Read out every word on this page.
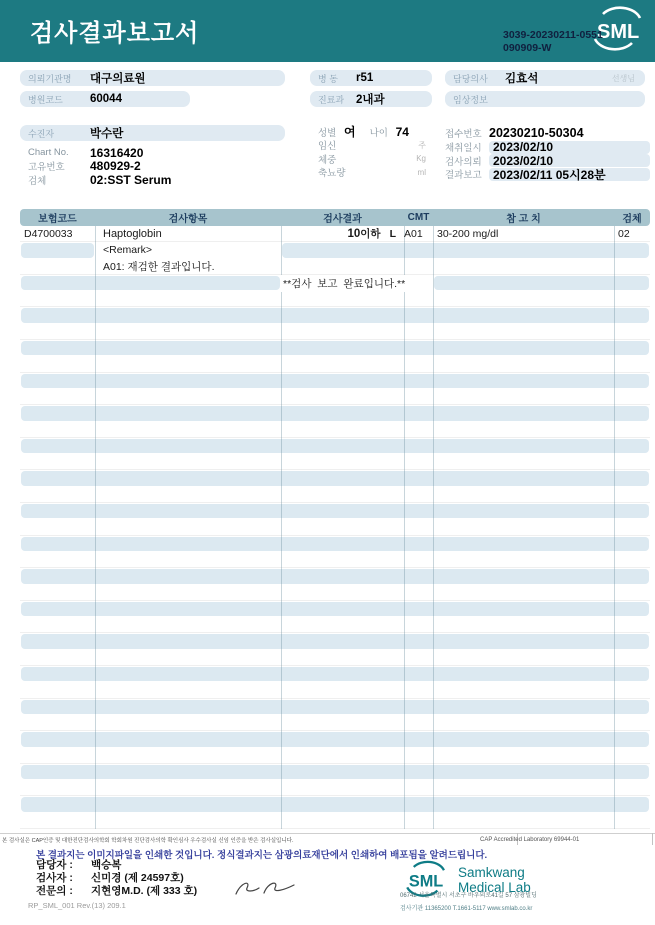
검사결과보고서	SML
3039-20230211-0551
090909-W
의뢰기관명	대구의료원
병원코드	60044
수진자	박수란
Chart No.	16316420
고유번호	480929-2
검체	02:SST Serum
병 동	r51
진료과	2내과
성별 여	나이 74
임신	주
체중	Kg
축뇨량	ml
담당의사	김효석	선생님
임상정보
접수번호 20230210-50304
채취일시 2023/02/10
검사의뢰 2023/02/10
결과보고 2023/02/11 05시28분
보험코드	검사항목	검사결과	CMT	참 고 치	검체
D4700033	Haptoglobin	10 이하 L A01	30-200 mg/dl	02
<Remark>
A01: 재검한 결과입니다.
**검사  보고  완료입니다.**
본 검사실은 CAP인증 및 대한진단검사의학회 학회차원 진단검사의학 확인심사 우수검사실 신임 인증을 받은 검사실입니다.	CAP Accredited Laboratory 69944-01
본 결과지는 이미지파일을 인쇄한 것입니다. 정식결과지는 삼광의료재단에서 인쇄하여 배포됨을 알려드립니다.
담당자 :	백승복
검사자 :	신미경 (제 24597호)
전문의 :	지현영M.D. (제 333 호)
SML
Samkwang
Medical Lab
06742 서울특별시 서초구 바우뫼로41길 57 삼광빌딩
검사기관 11365200 T.1661-5117 www.smlab.co.kr
RP_SML_001 Rev.(13) 209.1
